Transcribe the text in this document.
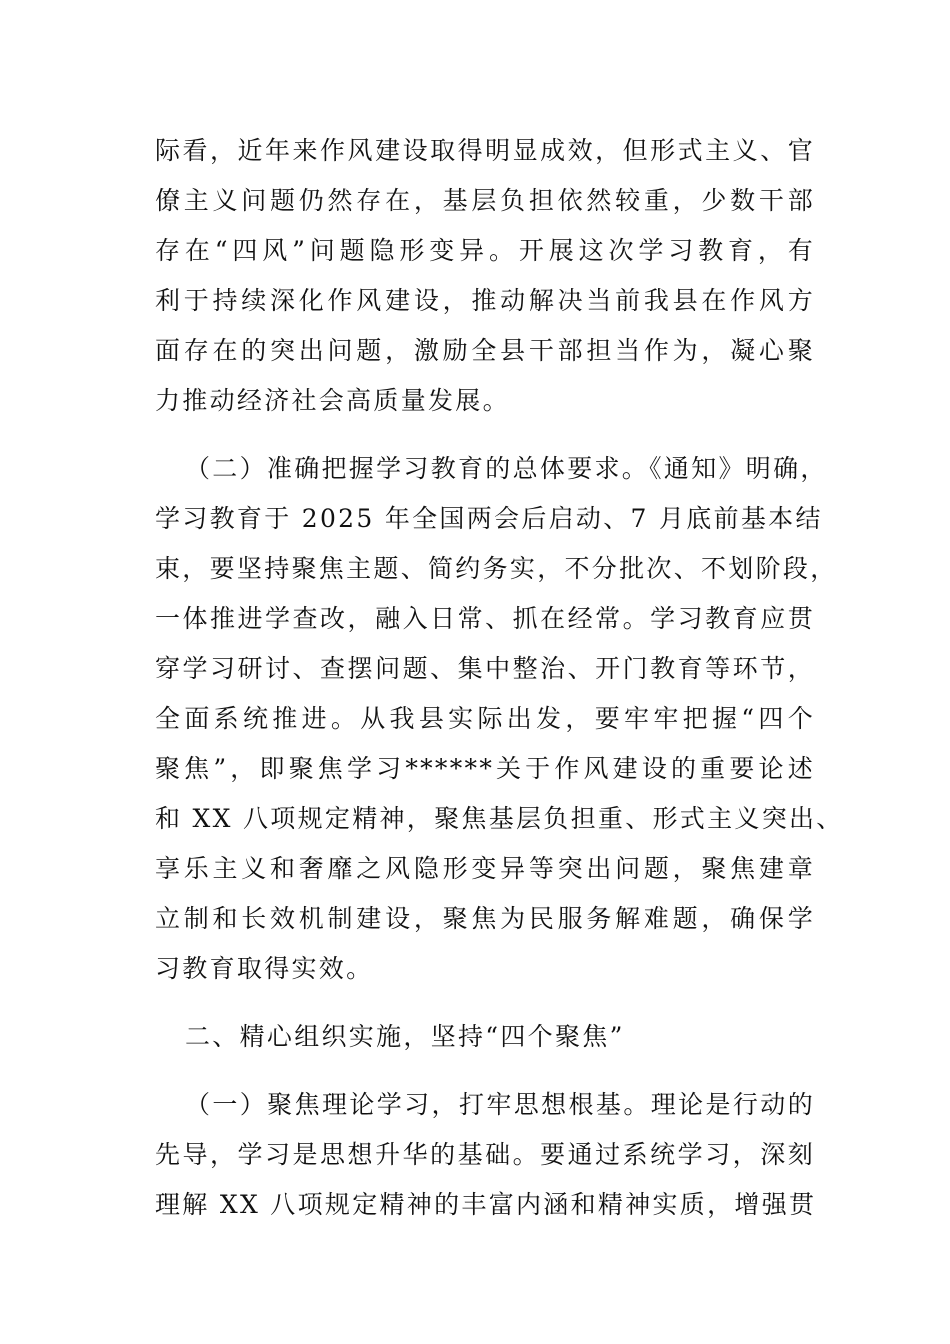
际看，近年来作风建设取得明显成效，但形式主义、官
僚主义问题仍然存在，基层负担依然较重，少数干部
存在“四风”问题隐形变异。开展这次学习教育，有
利于持续深化作风建设，推动解决当前我县在作风方
面存在的突出问题，激励全县干部担当作为，凝心聚
力推动经济社会高质量发展。
（二）准确把握学习教育的总体要求。《通知》明确，
学习教育于 2025 年全国两会后启动、7 月底前基本结
束，要坚持聚焦主题、简约务实，不分批次、不划阶段，
一体推进学查改，融入日常、抓在经常。学习教育应贯
穿学习研讨、查摆问题、集中整治、开门教育等环节，
全面系统推进。从我县实际出发，要牢牢把握“四个
聚焦”，即聚焦学习******关于作风建设的重要论述
和 XX 八项规定精神，聚焦基层负担重、形式主义突出、
享乐主义和奢靡之风隐形变异等突出问题，聚焦建章
立制和长效机制建设，聚焦为民服务解难题，确保学
习教育取得实效。
二、精心组织实施，坚持“四个聚焦”
（一）聚焦理论学习，打牢思想根基。理论是行动的
先导，学习是思想升华的基础。要通过系统学习，深刻
理解 XX 八项规定精神的丰富内涵和精神实质，增强贯
